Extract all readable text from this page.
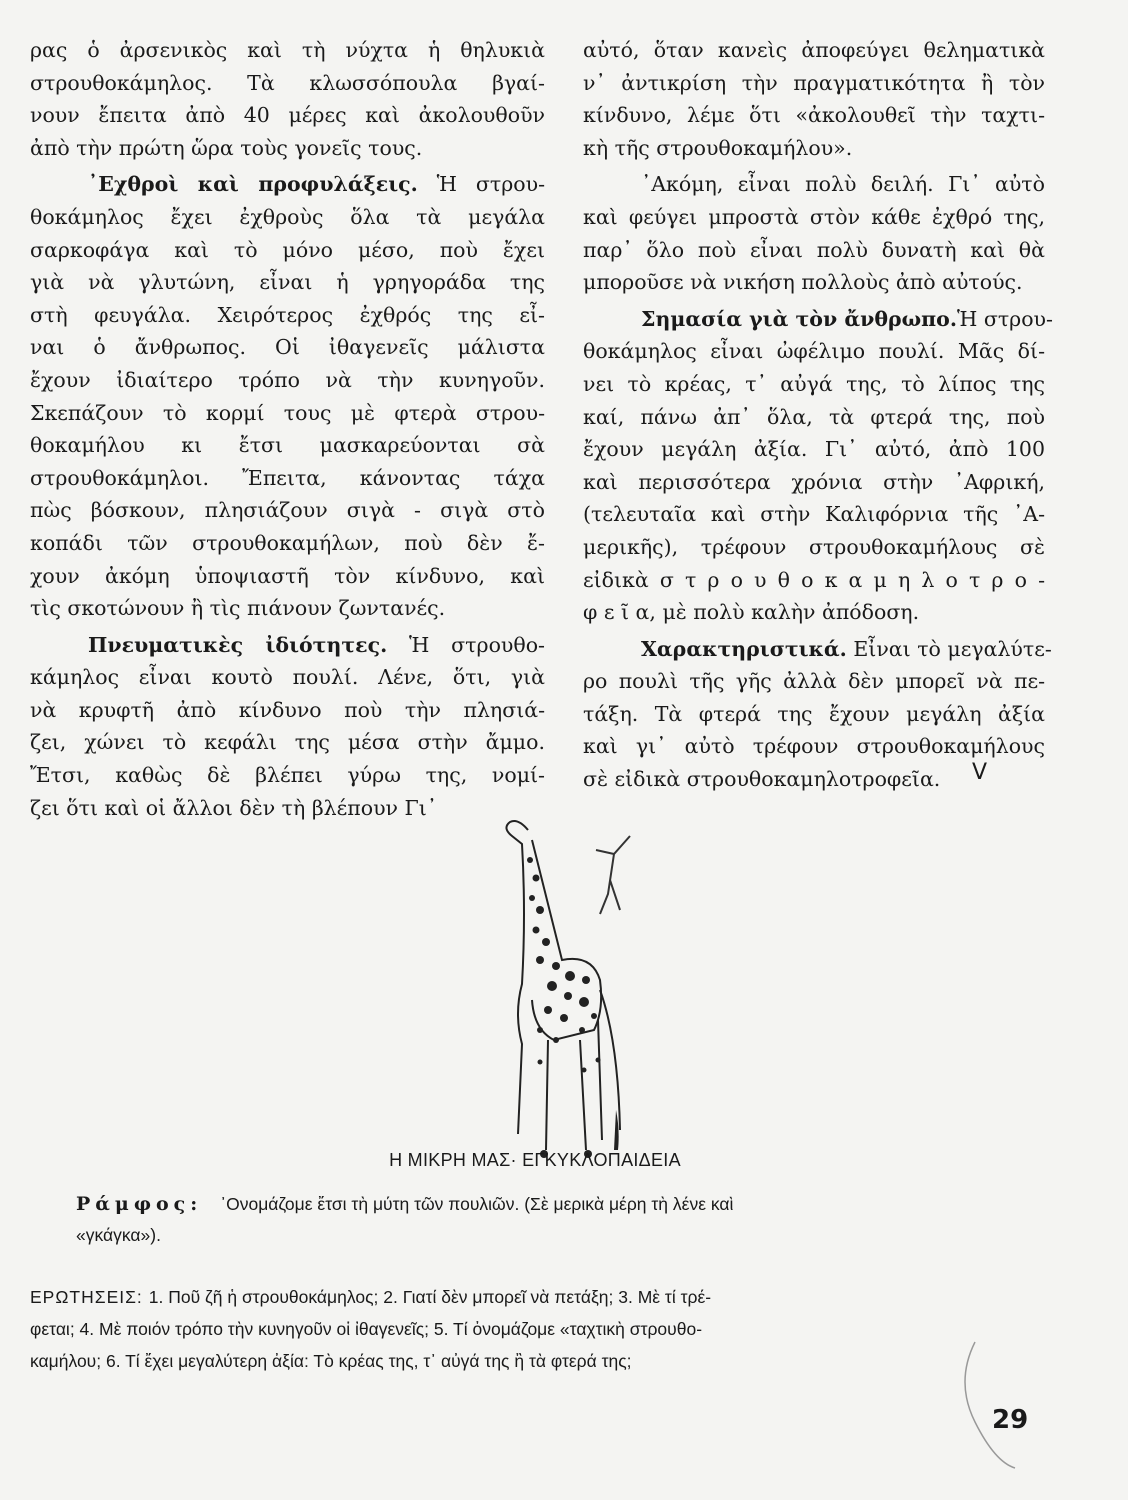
ρας ὁ ἀρσενικὸς καὶ τὴ νύχτα ἡ θηλυκιὰ
στρουθοκάμηλος. Τὰ κλωσσόπουλα βγαί-
νουν ἔπειτα ἀπὸ 40 μέρες καὶ ἀκολουθοῦν
ἀπὸ τὴν πρώτη ὥρα τοὺς γονεῖς τους.
᾿Εχθροὶ καὶ προφυλάξεις. Ἡ στρου-
θοκάμηλος ἔχει ἐχθροὺς ὅλα τὰ μεγάλα
σαρκοφάγα καὶ τὸ μόνο μέσο, ποὺ ἔχει
γιὰ νὰ γλυτώνη, εἶναι ἡ γρηγοράδα της
στὴ φευγάλα. Χειρότερος ἐχθρός της εἶ-
ναι ὁ ἄνθρωπος. Οἱ ἰθαγενεῖς μάλιστα
ἔχουν ἰδιαίτερο τρόπο νὰ τὴν κυνηγοῦν.
Σκεπάζουν τὸ κορμί τους μὲ φτερὰ στρου-
θοκαμήλου κι ἔτσι μασκαρεύονται σὰ
στρουθοκάμηλοι. Ἔπειτα, κάνοντας τάχα
πὼς βόσκουν, πλησιάζουν σιγὰ - σιγὰ στὸ
κοπάδι τῶν στρουθοκαμήλων, ποὺ δὲν ἔ-
χουν ἀκόμη ὑποψιαστῆ τὸν κίνδυνο, καὶ
τὶς σκοτώνουν ἢ τὶς πιάνουν ζωντανές.
Πνευματικὲς ἰδιότητες. Ἡ στρουθο-
κάμηλος εἶναι κουτὸ πουλί. Λένε, ὅτι, γιὰ
νὰ κρυφτῆ ἀπὸ κίνδυνο ποὺ τὴν πλησιά-
ζει, χώνει τὸ κεφάλι της μέσα στὴν ἄμμο.
Ἔτσι, καθὼς δὲ βλέπει γύρω της, νομί-
ζει ὅτι καὶ οἱ ἄλλοι δὲν τὴ βλέπουν Γι᾿
αὐτό, ὅταν κανεὶς ἀποφεύγει θεληματικὰ
ν᾿ ἀντικρίση τὴν πραγματικότητα ἢ τὸν
κίνδυνο, λέμε ὅτι «ἀκολουθεῖ τὴν ταχτι-
κὴ τῆς στρουθοκαμήλου».
᾿Ακόμη, εἶναι πολὺ δειλή. Γι᾿ αὐτὸ
καὶ φεύγει μπροστὰ στὸν κάθε ἐχθρό της,
παρ᾿ ὅλο ποὺ εἶναι πολὺ δυνατὴ καὶ θὰ
μποροῦσε νὰ νικήση πολλοὺς ἀπὸ αὐτούς.
Σημασία γιὰ τὸν ἄνθρωπο.Ἡ στρου-
θοκάμηλος εἶναι ὠφέλιμο πουλί. Μᾶς δί-
νει τὸ κρέας, τ᾿ αὐγά της, τὸ λίπος της
καί, πάνω ἀπ᾿ ὅλα, τὰ φτερά της, ποὺ
ἔχουν μεγάλη ἀξία. Γι᾿ αὐτό, ἀπὸ 100
καὶ περισσότερα χρόνια στὴν ᾿Αφρική,
(τελευταῖα καὶ στὴν Καλιφόρνια τῆς ᾿Α-
μερικῆς), τρέφουν στρουθοκαμήλους σὲ
εἰδικὰ σ τ ρ ο υ θ ο κ α μ η λ ο τ ρ ο -
φ ε ῖ α, μὲ πολὺ καλὴν ἀπόδοση.
Χαρακτηριστικά. Εἶναι τὸ μεγαλύτε-
ρο πουλὶ τῆς γῆς ἀλλὰ δὲν μπορεῖ νὰ πε-
τάξη. Τὰ φτερά της ἔχουν μεγάλη ἀξία
καὶ γι᾿ αὐτὸ τρέφουν στρουθοκαμήλους
σὲ εἰδικὰ στρουθοκαμηλοτροφεῖα.	V
Η ΜΙΚΡΗ ΜΑΣ· ΕΓΚΥΚΛΟΠΑΙΔΕΙΑ
Ράμφος: ᾿Ονομάζομε ἔτσι τὴ μύτη τῶν πουλιῶν. (Σὲ μερικὰ μέρη τὴ λένε καὶ
«γκάγκα»).
ΕΡΩΤΗΣΕΙΣ: 1. Ποῦ ζῆ ἡ στρουθοκάμηλος; 2. Γιατί δὲν μπορεῖ νὰ πετάξη; 3. Μὲ τί τρέ-
φεται; 4. Μὲ ποιόν τρόπο τὴν κυνηγοῦν οἱ ἰθαγενεῖς; 5. Τί ὀνομάζομε «ταχτικὴ στρουθο-
καμήλου; 6. Τί ἔχει μεγαλύτερη ἀξία: Τὸ κρέας της, τ᾿ αὐγά της ἢ τὰ φτερά της;
29
